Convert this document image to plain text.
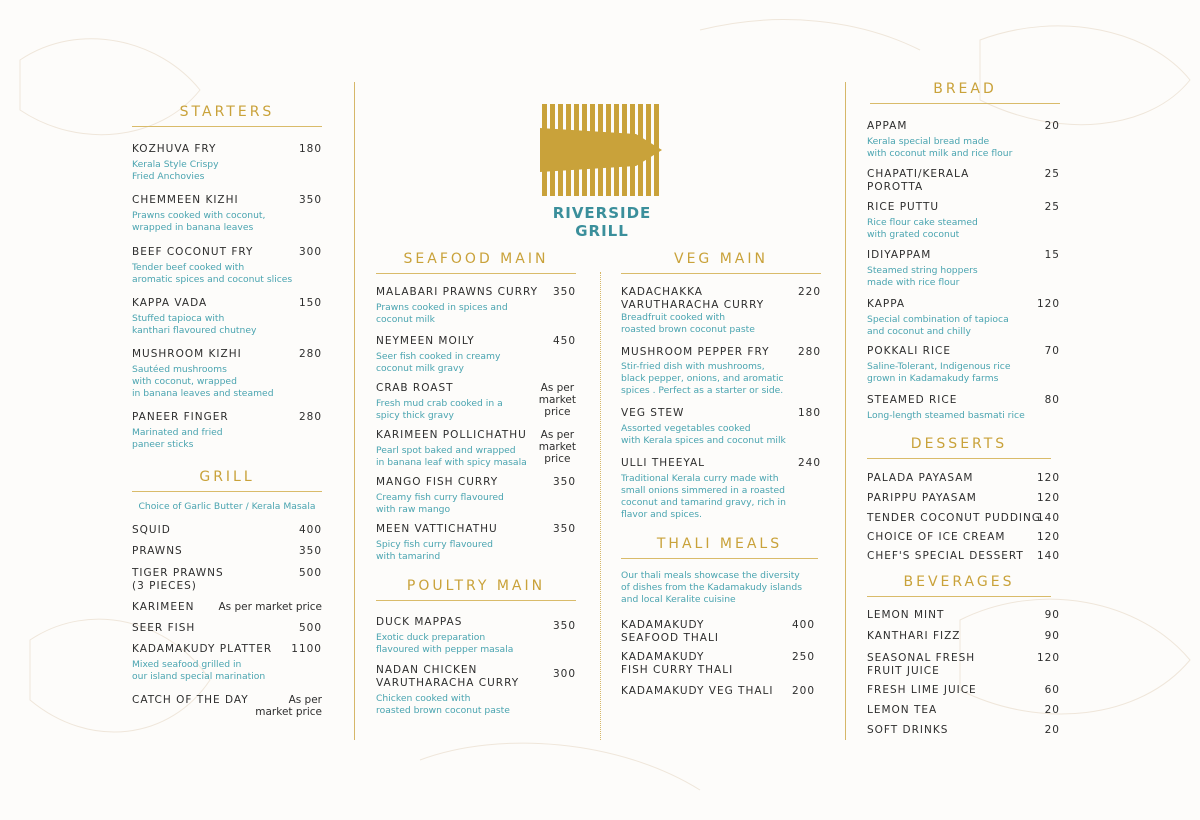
RIVERSIDE GRILL
STARTERS
KOZHUVA FRY	180
Kerala Style Crispy
Fried Anchovies
CHEMMEEN KIZHI	350
Prawns cooked with coconut,
wrapped in banana leaves
BEEF COCONUT FRY	300
Tender beef cooked with
aromatic spices and coconut slices
KAPPA VADA	150
Stuffed tapioca with
kanthari flavoured chutney
MUSHROOM KIZHI	280
Sautéed mushrooms
with coconut, wrapped
in banana leaves and steamed
PANEER FINGER	280
Marinated and fried
paneer sticks
GRILL
Choice of Garlic Butter / Kerala Masala
SQUID	400
PRAWNS	350
TIGER PRAWNS
(3 PIECES)
500
KARIMEEN	As per market price
SEER FISH	500
KADAMAKUDY PLATTER	1100
Mixed seafood grilled in
our island special marination
CATCH OF THE DAY	As per
market price
SEAFOOD MAIN
MALABARI PRAWNS CURRY	350
Prawns cooked in spices and
coconut milk
NEYMEEN MOILY	450
Seer fish cooked in creamy
coconut milk gravy
CRAB ROAST	As per
market
price
Fresh mud crab cooked in a
spicy thick gravy
KARIMEEN POLLICHATHU	As per
market
price
Pearl spot baked and wrapped
in banana leaf with spicy masala
MANGO FISH CURRY	350
Creamy fish curry flavoured
with raw mango
MEEN VATTICHATHU	350
Spicy fish curry flavoured
with tamarind
POULTRY MAIN
DUCK MAPPAS	350
Exotic duck preparation
flavoured with pepper masala
NADAN CHICKEN
VARUTHARACHA CURRY
300
Chicken cooked with
roasted brown coconut paste
VEG MAIN
KADACHAKKA
VARUTHARACHA CURRY
220
Breadfruit cooked with
roasted brown coconut paste
MUSHROOM PEPPER FRY	280
Stir-fried dish with mushrooms,
black pepper, onions, and aromatic
spices . Perfect as a starter or side.
VEG STEW	180
Assorted vegetables cooked
with Kerala spices and coconut milk
ULLI THEEYAL	240
Traditional Kerala curry made with
small onions simmered in a roasted
coconut and tamarind gravy, rich in
flavor and spices.
THALI MEALS
Our thali meals showcase the diversity
of dishes from the Kadamakudy islands
and local Keralite cuisine
KADAMAKUDY
SEAFOOD THALI
400
KADAMAKUDY
FISH CURRY THALI
250
KADAMAKUDY VEG THALI	200
BREAD
APPAM	20
Kerala special bread made
with coconut milk and rice flour
CHAPATI/KERALA
POROTTA
25
RICE PUTTU	25
Rice flour cake steamed
with grated coconut
IDIYAPPAM	15
Steamed string hoppers
made with rice flour
KAPPA	120
Special combination of tapioca
and coconut and chilly
POKKALI RICE	70
Saline-Tolerant, Indigenous rice
grown in Kadamakudy farms
STEAMED RICE	80
Long-length steamed basmati rice
DESSERTS
PALADA PAYASAM	120
PARIPPU PAYASAM	120
TENDER COCONUT PUDDING
140
CHOICE OF ICE CREAM	120
CHEF'S SPECIAL DESSERT	140
BEVERAGES
LEMON MINT	90
KANTHARI FIZZ	90
SEASONAL FRESH
FRUIT JUICE
120
FRESH LIME JUICE	60
LEMON TEA	20
SOFT DRINKS	20
